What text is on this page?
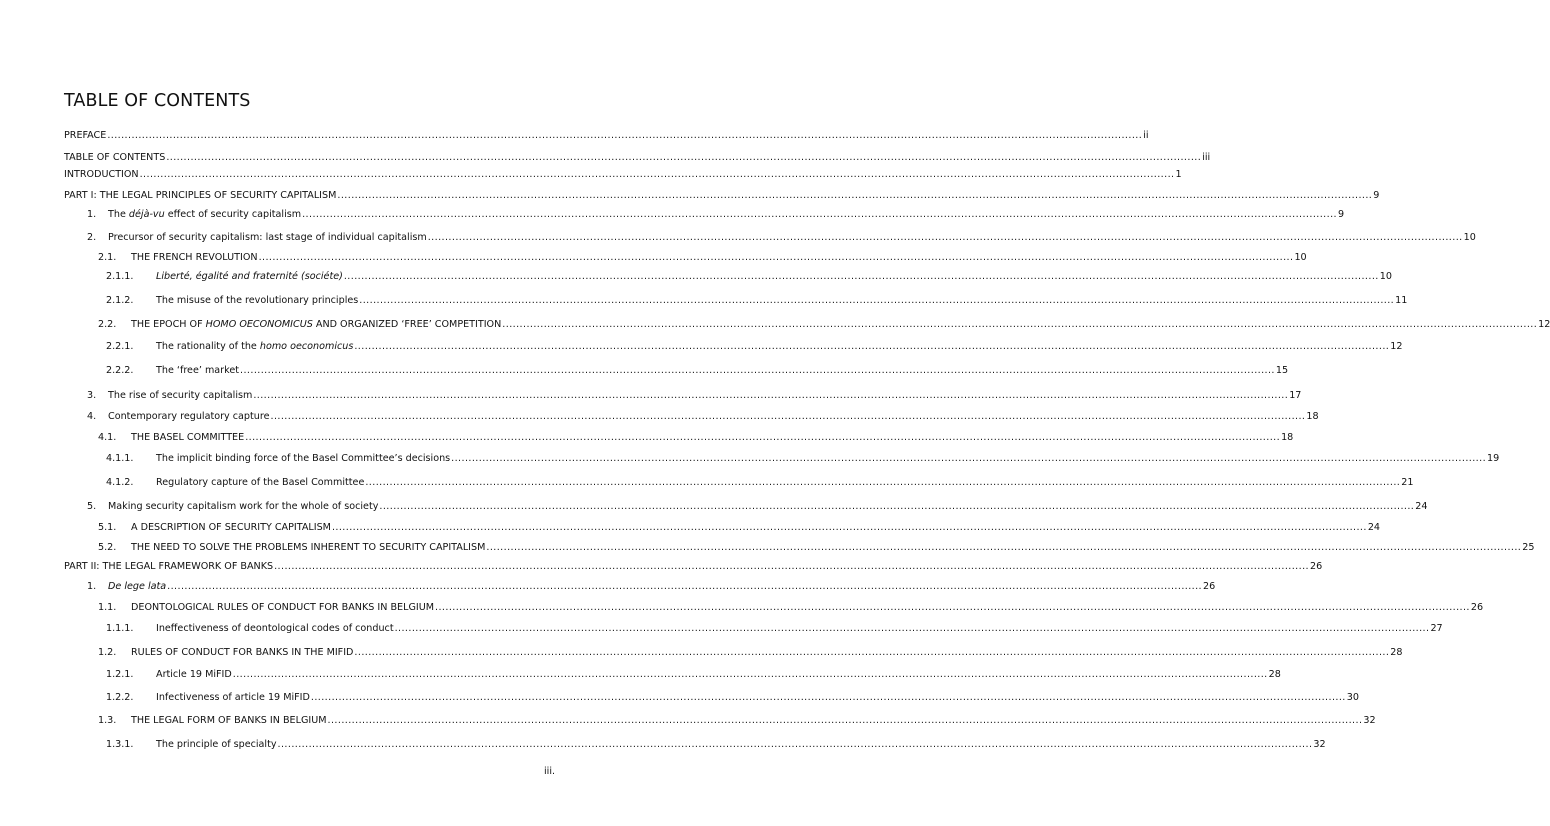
TABLE OF CONTENTS
PREFACE ............................................................................................................................................................................................................................................................................................................ ii
TABLE OF CONTENTS ............................................................................................................................................................................................................................................................................................................ iii
INTRODUCTION ............................................................................................................................................................................................................................................................................................................ 1
PART I: THE LEGAL PRINCIPLES OF SECURITY CAPITALISM ............................................................................................................................................................................................................................................................................................................ 9
1.	The déjà-vu effect of security capitalism ............................................................................................................................................................................................................................................................................................................ 9
2.	Precursor of security capitalism: last stage of individual capitalism ............................................................................................................................................................................................................................................................................................................ 10
2.1.	THE FRENCH REVOLUTION ............................................................................................................................................................................................................................................................................................................ 10
2.1.1.	Liberté, égalité and fraternité (sociéte) ............................................................................................................................................................................................................................................................................................................ 10
2.1.2.	The misuse of the revolutionary principles ............................................................................................................................................................................................................................................................................................................ 11
2.2.	THE EPOCH OF HOMO OECONOMICUS AND ORGANIZED ‘FREE’ COMPETITION ............................................................................................................................................................................................................................................................................................................ 12
2.2.1.	The rationality of the homo oeconomicus ............................................................................................................................................................................................................................................................................................................ 12
2.2.2.	The ‘free’ market ............................................................................................................................................................................................................................................................................................................ 15
3.	The rise of security capitalism ............................................................................................................................................................................................................................................................................................................ 17
4.	Contemporary regulatory capture ............................................................................................................................................................................................................................................................................................................ 18
4.1.	THE BASEL COMMITTEE ............................................................................................................................................................................................................................................................................................................ 18
4.1.1.	The implicit binding force of the Basel Committee’s decisions ............................................................................................................................................................................................................................................................................................................ 19
4.1.2.	Regulatory capture of the Basel Committee ............................................................................................................................................................................................................................................................................................................ 21
5.	Making security capitalism work for the whole of society ............................................................................................................................................................................................................................................................................................................ 24
5.1.	A DESCRIPTION OF SECURITY CAPITALISM ............................................................................................................................................................................................................................................................................................................ 24
5.2.	THE NEED TO SOLVE THE PROBLEMS INHERENT TO SECURITY CAPITALISM ............................................................................................................................................................................................................................................................................................................ 25
PART II: THE LEGAL FRAMEWORK OF BANKS ............................................................................................................................................................................................................................................................................................................ 26
1.	De lege lata ............................................................................................................................................................................................................................................................................................................ 26
1.1.	DEONTOLOGICAL RULES OF CONDUCT FOR BANKS IN BELGIUM ............................................................................................................................................................................................................................................................................................................ 26
1.1.1.	Ineffectiveness of deontological codes of conduct ............................................................................................................................................................................................................................................................................................................ 27
1.2.	RULES OF CONDUCT FOR BANKS IN THE MIFID ............................................................................................................................................................................................................................................................................................................ 28
1.2.1.	Article 19 MiFID ............................................................................................................................................................................................................................................................................................................ 28
1.2.2.	Infectiveness of article 19 MiFID ............................................................................................................................................................................................................................................................................................................ 30
1.3.	THE LEGAL FORM OF BANKS IN BELGIUM ............................................................................................................................................................................................................................................................................................................ 32
1.3.1.	The principle of specialty ............................................................................................................................................................................................................................................................................................................ 32
iii.
